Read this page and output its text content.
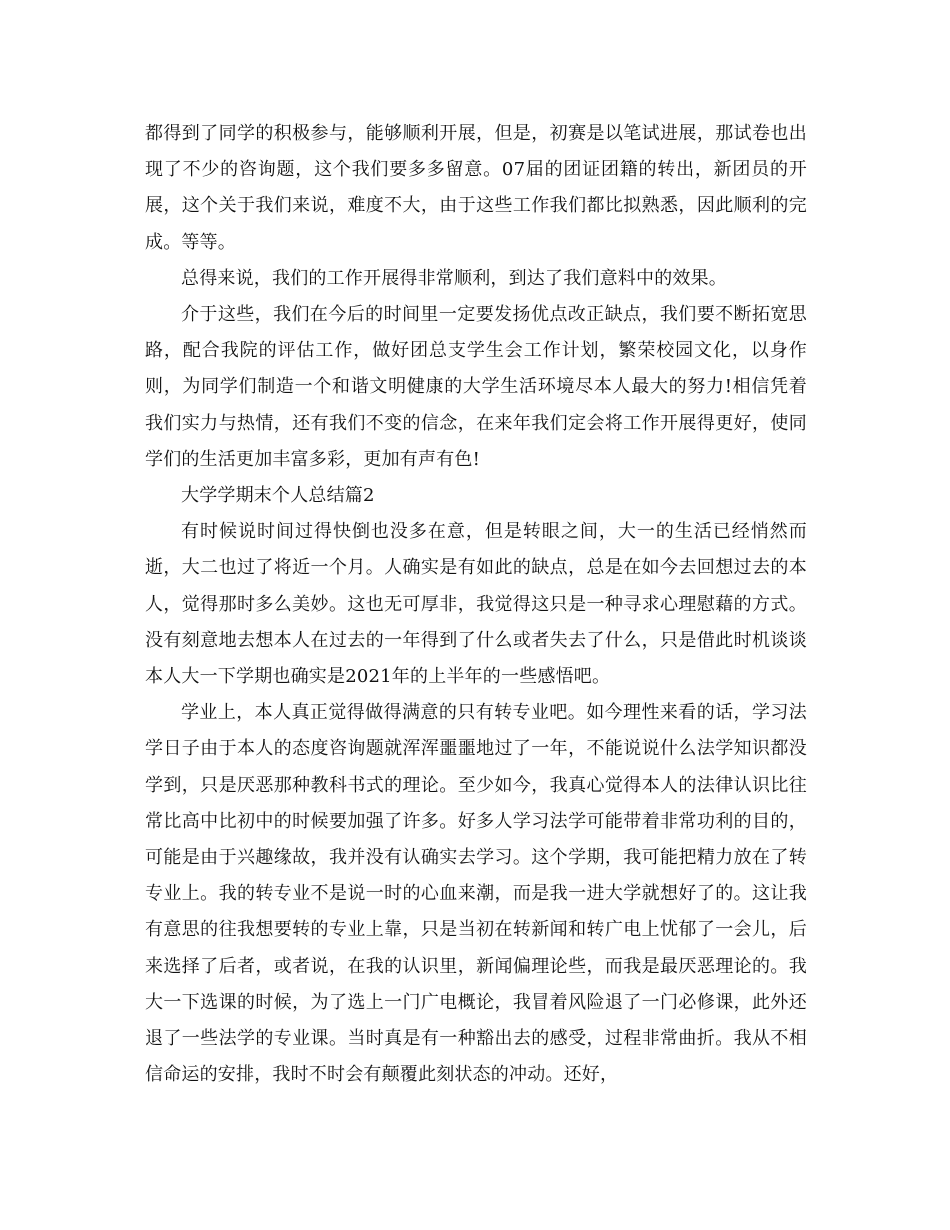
都得到了同学的积极参与，能够顺利开展，但是，初赛是以笔试进展，那试卷也出现了不少的咨询题，这个我们要多多留意。07届的团证团籍的转出，新团员的开展，这个关于我们来说，难度不大，由于这些工作我们都比拟熟悉，因此顺利的完成。等等。

总得来说，我们的工作开展得非常顺利，到达了我们意料中的效果。

介于这些，我们在今后的时间里一定要发扬优点改正缺点，我们要不断拓宽思路，配合我院的评估工作，做好团总支学生会工作计划，繁荣校园文化，以身作则，为同学们制造一个和谐文明健康的大学生活环境尽本人最大的努力!相信凭着我们实力与热情，还有我们不变的信念，在来年我们定会将工作开展得更好，使同学们的生活更加丰富多彩，更加有声有色!

大学学期末个人总结篇2

有时候说时间过得快倒也没多在意，但是转眼之间，大一的生活已经悄然而逝，大二也过了将近一个月。人确实是有如此的缺点，总是在如今去回想过去的本人，觉得那时多么美妙。这也无可厚非，我觉得这只是一种寻求心理慰藉的方式。没有刻意地去想本人在过去的一年得到了什么或者失去了什么，只是借此时机谈谈本人大一下学期也确实是2021年的上半年的一些感悟吧。

学业上，本人真正觉得做得满意的只有转专业吧。如今理性来看的话，学习法学日子由于本人的态度咨询题就浑浑噩噩地过了一年，不能说说什么法学知识都没学到，只是厌恶那种教科书式的理论。至少如今，我真心觉得本人的法律认识比往常比高中比初中的时候要加强了许多。好多人学习法学可能带着非常功利的目的，可能是由于兴趣缘故，我并没有认确实去学习。这个学期，我可能把精力放在了转专业上。我的转专业不是说一时的心血来潮，而是我一进大学就想好了的。这让我有意思的往我想要转的专业上靠，只是当初在转新闻和转广电上忧郁了一会儿，后来选择了后者，或者说，在我的认识里，新闻偏理论些，而我是最厌恶理论的。我大一下选课的时候，为了选上一门广电概论，我冒着风险退了一门必修课，此外还退了一些法学的专业课。当时真是有一种豁出去的感受，过程非常曲折。我从不相信命运的安排，我时不时会有颠覆此刻状态的冲动。还好，
